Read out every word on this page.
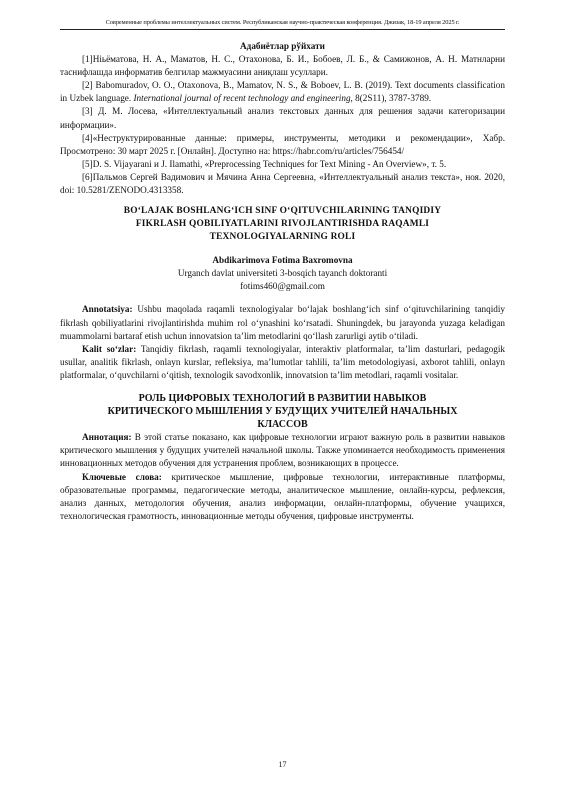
Современные проблемы интеллектуальных систем. Республиканская научно-практическая конференция. Джизак, 18-19 апреля 2025 г.
Адабиётлар рўйхати

[1]Нiьёматова, Н. А., Маматов, Н. С., Отахонова, Б. И., Бобоев, Л. Б., & Самижонов, А. Н. Матнларни таснифлашда информатив белгилар мажмуасини аниқлаш усуллари.

[2] Babomuradov, O. O., Otaxonova, B., Mamatov, N. S., & Boboev, L. B. (2019). Text documents classification in Uzbek language. International journal of recent technology and engineering, 8(2S11), 3787-3789.

[3] Д. М. Лосева, «Интеллектуальный анализ текстовых данных для решения задачи категоризации информации».

[4]«Неструктурированные данные: примеры, инструменты, методики и рекомендации», Хабр. Просмотрено: 30 март 2025 г. [Онлайн]. Доступно на: https://habr.com/ru/articles/756454/

[5]D. S. Vijayarani и J. Ilamathi, «Preprocessing Techniques for Text Mining - An Overview», т. 5.

[6]Пальмов Сергей Вадимович и Мячина Анна Сергеевна, «Интеллектуальный анализ текста», ноя. 2020, doi: 10.5281/ZENODO.4313358.

BO‘LAJAK BOSHLANG‘ICH SINF O‘QITUVCHILARINING TANQIDIY
FIKRLASH QOBILIYATLARINI RIVOJLANTIRISHDA RAQAMLI
TEXNOLOGIYALARNING ROLI
Abdikarimova Fotima Baxromovna
Urganch davlat universiteti 3-bosqich tayanch doktoranti
fotims460@gmail.com

Annotatsiya: Ushbu maqolada raqamli texnologiyalar bo‘lajak boshlang‘ich sinf o‘qituvchilarining tanqidiy fikrlash qobiliyatlarini rivojlantirishda muhim rol o‘ynashini ko‘rsatadi. Shuningdek, bu jarayonda yuzaga keladigan muammolarni bartaraf etish uchun innovatsion ta’lim metodlarini qo‘llash zarurligi aytib o‘tiladi.

Kalit so‘zlar: Tanqidiy fikrlash, raqamli texnologiyalar, interaktiv platformalar, ta’lim dasturlari, pedagogik usullar, analitik fikrlash, onlayn kurslar, refleksiya, ma’lumotlar tahlili, ta’lim metodologiyasi, axborot tahlili, onlayn platformalar, o‘quvchilarni o‘qitish, texnologik savodxonlik, innovatsion ta’lim metodlari, raqamli vositalar.

РОЛЬ ЦИФРОВЫХ ТЕХНОЛОГИЙ В РАЗВИТИИ НАВЫКОВ
КРИТИЧЕСКОГО МЫШЛЕНИЯ У БУДУЩИХ УЧИТЕЛЕЙ НАЧАЛЬНЫХ
КЛАССОВ

Аннотация: В этой статье показано, как цифровые технологии играют важную роль в развитии навыков критического мышления у будущих учителей начальной школы. Также упоминается необходимость применения инновационных методов обучения для устранения проблем, возникающих в процессе.

Ключевые слова: критическое мышление, цифровые технологии, интерактивные платформы, образовательные программы, педагогические методы, аналитическое мышление, онлайн-курсы, рефлексия, анализ данных, методология обучения, анализ информации, онлайн-платформы, обучение учащихся, технологическая грамотность, инновационные методы обучения, цифровые инструменты.

17
